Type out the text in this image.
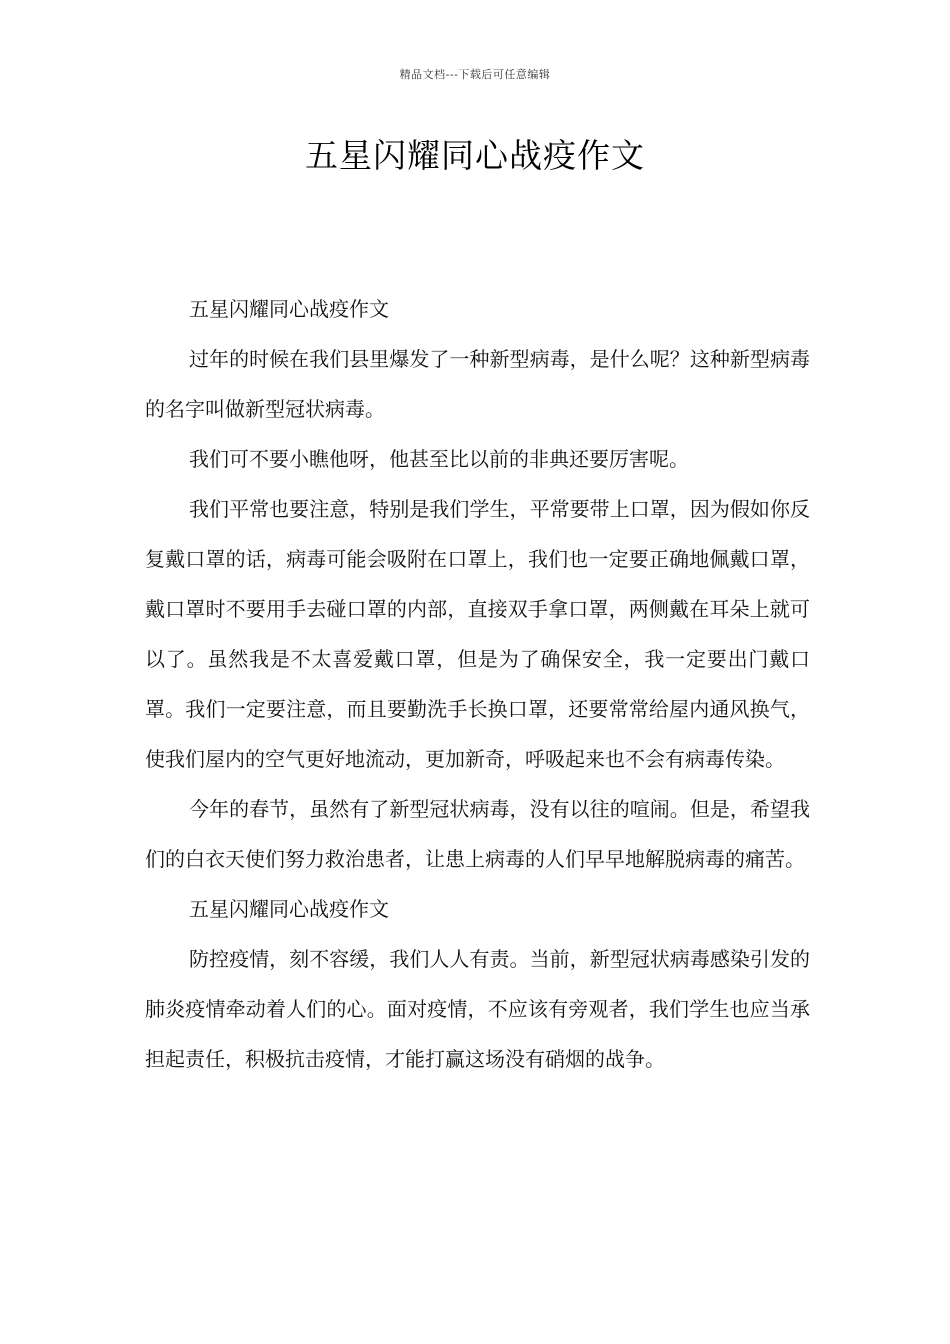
精品文档---下载后可任意编辑
五星闪耀同心战疫作文

五星闪耀同心战疫作文

过年的时候在我们县里爆发了一种新型病毒，是什么呢？这种新型病毒的名字叫做新型冠状病毒。

我们可不要小瞧他呀，他甚至比以前的非典还要厉害呢。

我们平常也要注意，特别是我们学生，平常要带上口罩，因为假如你反复戴口罩的话，病毒可能会吸附在口罩上，我们也一定要正确地佩戴口罩，戴口罩时不要用手去碰口罩的内部，直接双手拿口罩，两侧戴在耳朵上就可以了。虽然我是不太喜爱戴口罩，但是为了确保安全，我一定要出门戴口罩。我们一定要注意，而且要勤洗手长换口罩，还要常常给屋内通风换气，使我们屋内的空气更好地流动，更加新奇，呼吸起来也不会有病毒传染。

今年的春节，虽然有了新型冠状病毒，没有以往的喧闹。但是，希望我们的白衣天使们努力救治患者，让患上病毒的人们早早地解脱病毒的痛苦。

五星闪耀同心战疫作文

防控疫情，刻不容缓，我们人人有责。当前，新型冠状病毒感染引发的肺炎疫情牵动着人们的心。面对疫情，不应该有旁观者，我们学生也应当承担起责任，积极抗击疫情，才能打赢这场没有硝烟的战争。
